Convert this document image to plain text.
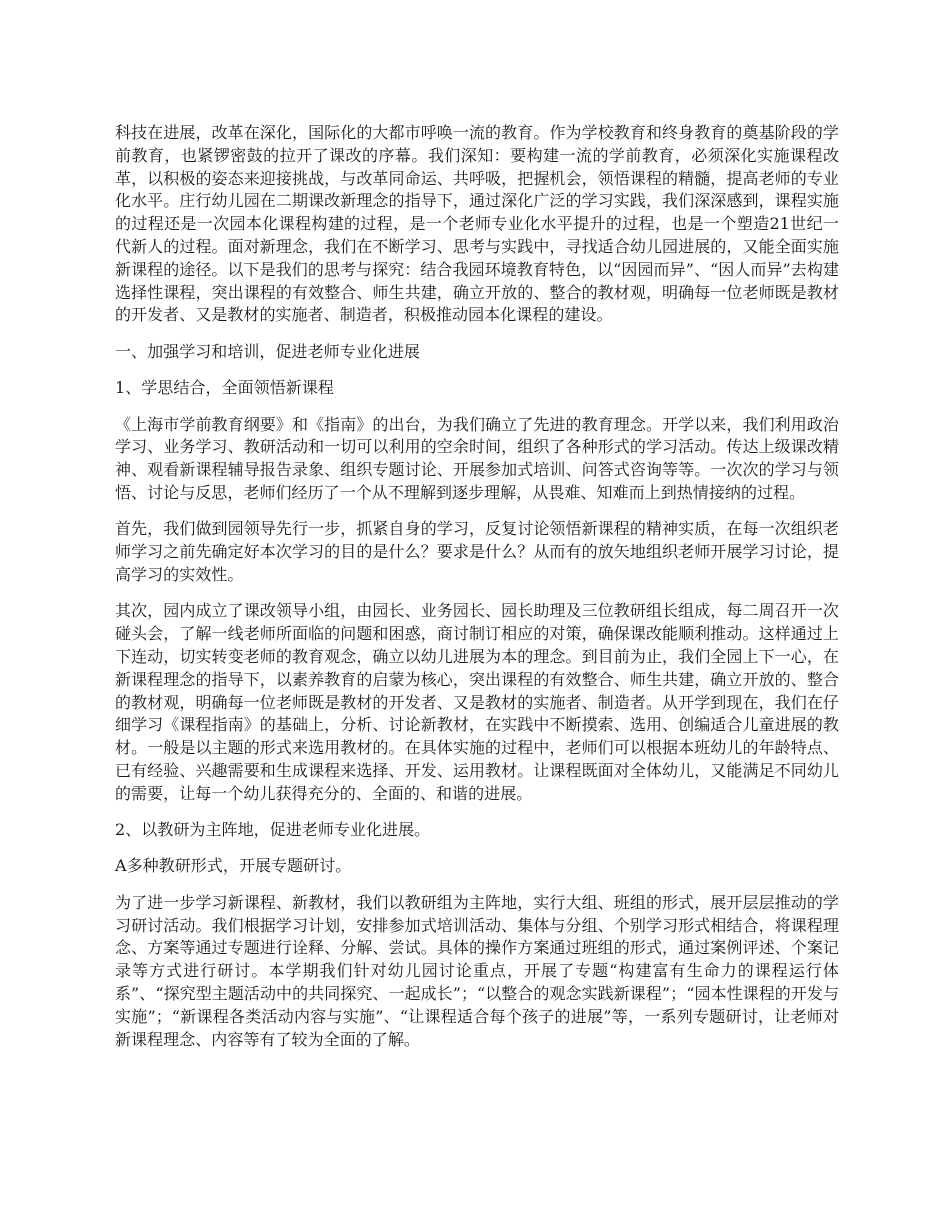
科技在进展，改革在深化，国际化的大都市呼唤一流的教育。作为学校教育和终身教育的奠基阶段的学前教育，也紧锣密鼓的拉开了课改的序幕。我们深知：要构建一流的学前教育，必须深化实施课程改革，以积极的姿态来迎接挑战，与改革同命运、共呼吸，把握机会，领悟课程的精髓，提高老师的专业化水平。庄行幼儿园在二期课改新理念的指导下，通过深化广泛的学习实践，我们深深感到，课程实施的过程还是一次园本化课程构建的过程，是一个老师专业化水平提升的过程，也是一个塑造21世纪一代新人的过程。面对新理念，我们在不断学习、思考与实践中，寻找适合幼儿园进展的，又能全面实施新课程的途径。以下是我们的思考与探究：结合我园环境教育特色，以“因园而异”、“因人而异”去构建选择性课程，突出课程的有效整合、师生共建，确立开放的、整合的教材观，明确每一位老师既是教材的开发者、又是教材的实施者、制造者，积极推动园本化课程的建设。

一、加强学习和培训，促进老师专业化进展

1、学思结合，全面领悟新课程

《上海市学前教育纲要》和《指南》的出台，为我们确立了先进的教育理念。开学以来，我们利用政治学习、业务学习、教研活动和一切可以利用的空余时间，组织了各种形式的学习活动。传达上级课改精神、观看新课程辅导报告录象、组织专题讨论、开展参加式培训、问答式咨询等等。一次次的学习与领悟、讨论与反思，老师们经历了一个从不理解到逐步理解，从畏难、知难而上到热情接纳的过程。

首先，我们做到园领导先行一步，抓紧自身的学习，反复讨论领悟新课程的精神实质，在每一次组织老师学习之前先确定好本次学习的目的是什么？要求是什么？从而有的放矢地组织老师开展学习讨论，提高学习的实效性。

其次，园内成立了课改领导小组，由园长、业务园长、园长助理及三位教研组长组成，每二周召开一次碰头会，了解一线老师所面临的问题和困惑，商讨制订相应的对策，确保课改能顺利推动。这样通过上下连动，切实转变老师的教育观念，确立以幼儿进展为本的理念。到目前为止，我们全园上下一心，在新课程理念的指导下，以素养教育的启蒙为核心，突出课程的有效整合、师生共建，确立开放的、整合的教材观，明确每一位老师既是教材的开发者、又是教材的实施者、制造者。从开学到现在，我们在仔细学习《课程指南》的基础上，分析、讨论新教材，在实践中不断摸索、选用、创编适合儿童进展的教材。一般是以主题的形式来选用教材的。在具体实施的过程中，老师们可以根据本班幼儿的年龄特点、已有经验、兴趣需要和生成课程来选择、开发、运用教材。让课程既面对全体幼儿，又能满足不同幼儿的需要，让每一个幼儿获得充分的、全面的、和谐的进展。

2、以教研为主阵地，促进老师专业化进展。

A多种教研形式，开展专题研讨。

为了进一步学习新课程、新教材，我们以教研组为主阵地，实行大组、班组的形式，展开层层推动的学习研讨活动。我们根据学习计划，安排参加式培训活动、集体与分组、个别学习形式相结合，将课程理念、方案等通过专题进行诠释、分解、尝试。具体的操作方案通过班组的形式，通过案例评述、个案记录等方式进行研讨。本学期我们针对幼儿园讨论重点，开展了专题“构建富有生命力的课程运行体系”、“探究型主题活动中的共同探究、一起成长”；“以整合的观念实践新课程”；“园本性课程的开发与实施”；“新课程各类活动内容与实施”、“让课程适合每个孩子的进展”等，一系列专题研讨，让老师对新课程理念、内容等有了较为全面的了解。
